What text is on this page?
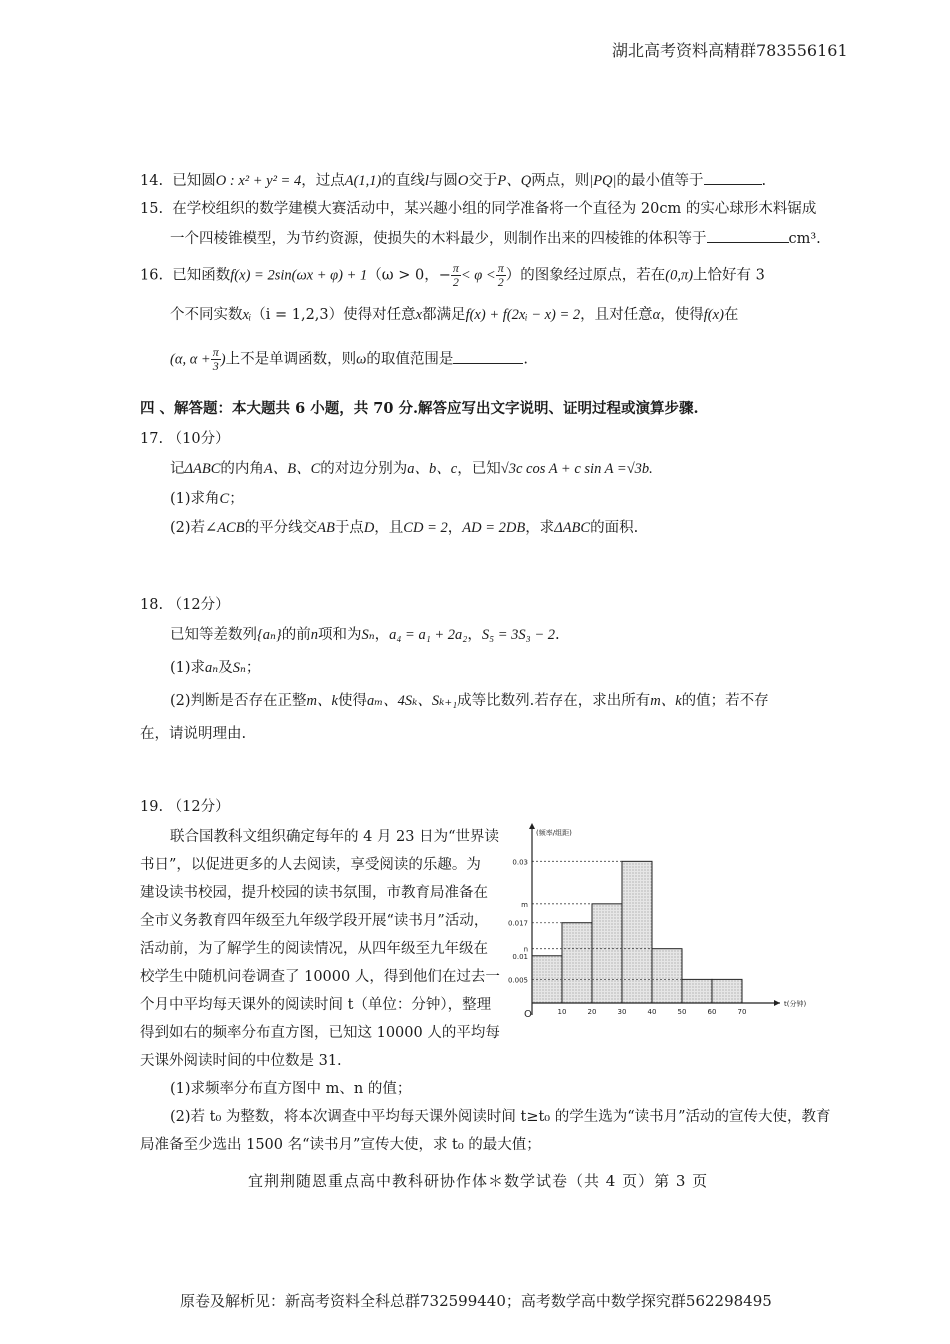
湖北高考资料高精群783556161
14. 已知圆O : x² + y² = 4，过点A(1,1)的直线l与圆O交于P、Q两点，则|PQ|的最小值等于	.
15. 在学校组织的数学建模大赛活动中，某兴趣小组的同学准备将一个直径为 20cm 的实心球形木料锯成
一个四棱锥模型，为节约资源，使损失的木料最少，则制作出来的四棱锥的体积等于	cm³.
16. 已知函数f(x) = 2sin(ωx + φ) + 1（ω > 0，− $\frac{\pi}{2} < \varphi < \frac{\pi}{2}$ ）的图象经过原点，若在(0,π)上恰好有 3
个不同实数xᵢ（i = 1,2,3）使得对任意x都满足f(x) + f(2xᵢ − x) = 2，且对任意α，使得f(x)在
(α, $\alpha + \frac{\pi}{3}$ )上不是单调函数，则ω的取值范围是	.
四 、解答题：本大题共 6 小题，共 70 分.解答应写出文字说明、证明过程或演算步骤.
17. （10分）
记ΔABC的内角A、B、C的对边分别为a、b、c，已知√3c cos A + c sin A =√3b.
(1)求角C；
(2)若∠ACB的平分线交AB于点D，且CD = 2，AD = 2DB，求ΔABC的面积.
18. （12分）
已知等差数列{aₙ}的前n项和为Sₙ，a₄ = a₁ + 2a₂，S₅ = 3S₃ − 2.
(1)求aₙ及Sₙ；
(2)判断是否存在正整m、k使得aₘ、4Sₖ、Sₖ₊₁成等比数列.若存在，求出所有m、k的值；若不存
在，请说明理由.
19. （12分）
联合国教科文组织确定每年的 4 月 23 日为“世界读
书日”，以促进更多的人去阅读，享受阅读的乐趣。为
建设读书校园，提升校园的读书氛围，市教育局准备在
全市义务教育四年级至九年级学段开展“读书月”活动，
活动前，为了解学生的阅读情况，从四年级至九年级在
校学生中随机问卷调查了 10000 人，得到他们在过去一
个月中平均每天课外的阅读时间 t（单位：分钟），整理
得到如右的频率分布直方图，已知这 10000 人的平均每
天课外阅读时间的中位数是 31.
(1)求频率分布直方图中 m、n 的值；
(2)若 t₀ 为整数，将本次调查中平均每天课外阅读时间 t≥t₀ 的学生选为“读书月”活动的宣传大使，教育
局准备至少选出 1500 名“读书月”宣传大使，求 t₀ 的最大值；
0.03
m
0.017
n
0.01
0.005
10	20	30	40	50	60	70
O
t(分钟)
(频率/组距)
宜荆荆随恩重点高中教科研协作体＊数学试卷（共 4 页）第 3 页
原卷及解析见：新高考资料全科总群732599440；高考数学高中数学探究群562298495
